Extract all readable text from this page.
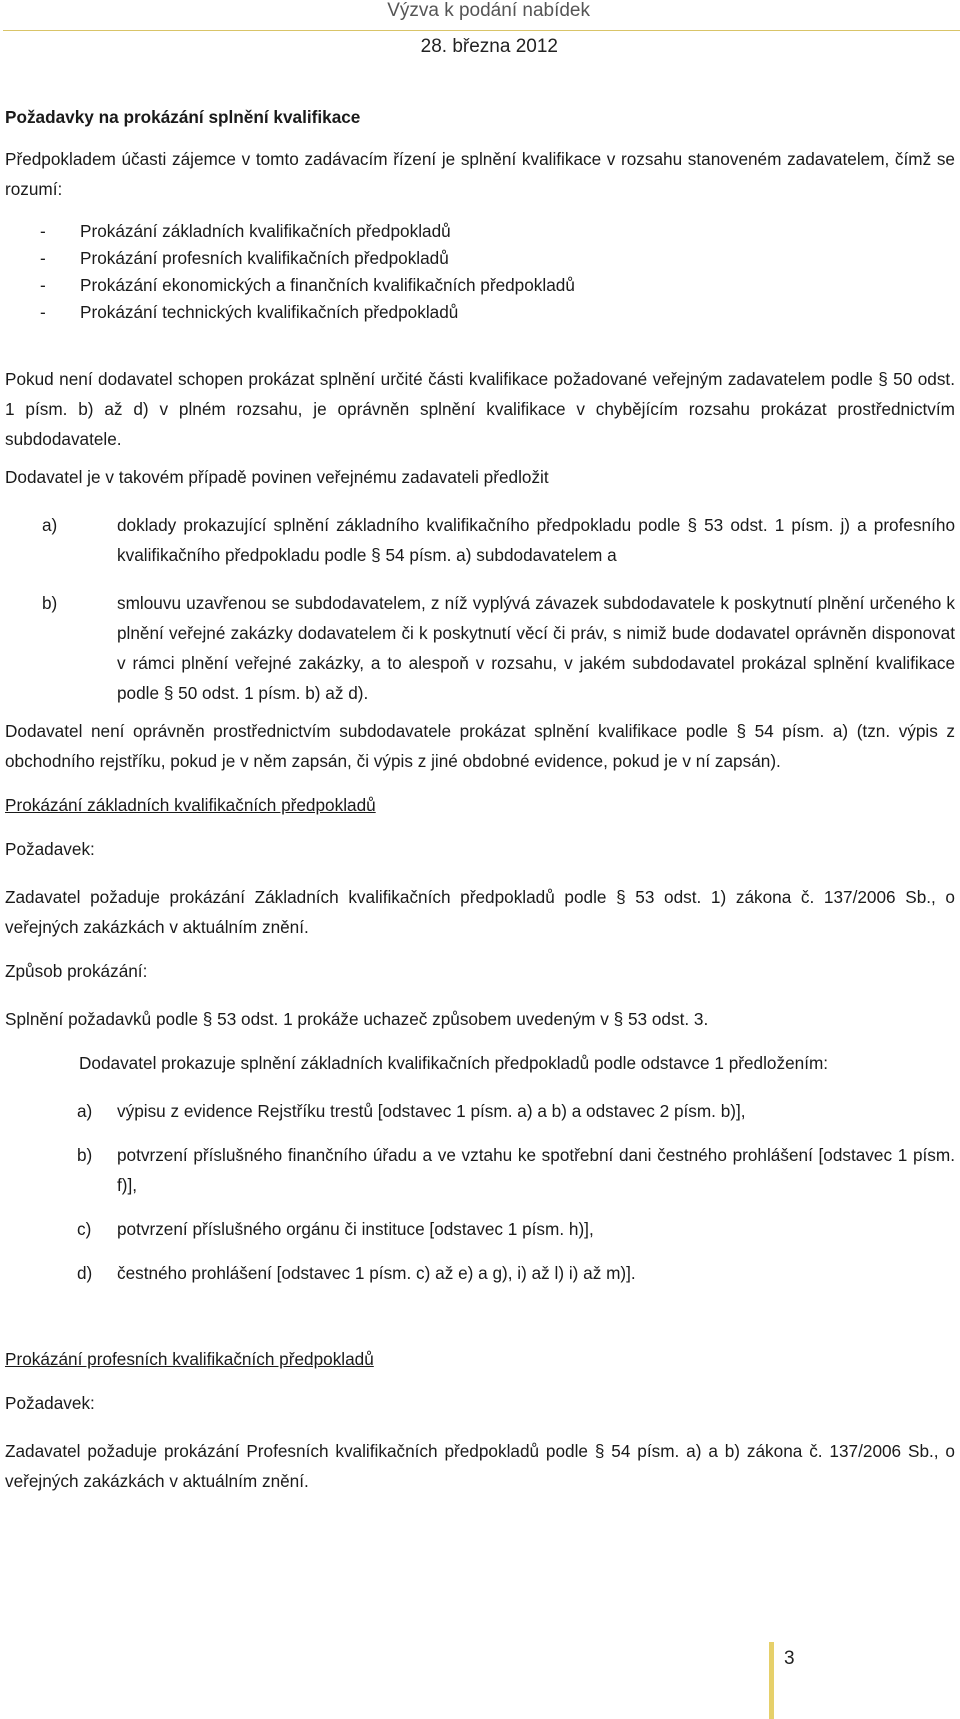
Výzva k podání nabídek
28. března 2012

Požadavky na prokázání splnění kvalifikace

Předpokladem účasti zájemce v tomto zadávacím řízení je splnění kvalifikace v rozsahu stanoveném zadavatelem, čímž se rozumí:

- Prokázání základních kvalifikačních předpokladů
- Prokázání profesních kvalifikačních předpokladů
- Prokázání ekonomických a finančních kvalifikačních předpokladů
- Prokázání technických kvalifikačních předpokladů

Pokud není dodavatel schopen prokázat splnění určité části kvalifikace požadované veřejným zadavatelem podle § 50 odst. 1 písm. b) až d) v plném rozsahu, je oprávněn splnění kvalifikace v chybějícím rozsahu prokázat prostřednictvím subdodavatele.

Dodavatel je v takovém případě povinen veřejnému zadavateli předložit

a)	doklady prokazující splnění základního kvalifikačního předpokladu podle § 53 odst. 1 písm. j) a profesního kvalifikačního předpokladu podle § 54 písm. a) subdodavatelem a
b)	smlouvu uzavřenou se subdodavatelem, z níž vyplývá závazek subdodavatele k poskytnutí plnění určeného k plnění veřejné zakázky dodavatelem či k poskytnutí věcí či práv, s nimiž bude dodavatel oprávněn disponovat v rámci plnění veřejné zakázky, a to alespoň v rozsahu, v jakém subdodavatel prokázal splnění kvalifikace podle § 50 odst. 1 písm. b) až d).

Dodavatel není oprávněn prostřednictvím subdodavatele prokázat splnění kvalifikace podle § 54 písm. a) (tzn. výpis z obchodního rejstříku, pokud je v něm zapsán, či výpis z jiné obdobné evidence, pokud je v ní zapsán).

Prokázání základních kvalifikačních předpokladů

Požadavek:

Zadavatel požaduje prokázání Základních kvalifikačních předpokladů podle § 53 odst. 1) zákona č. 137/2006 Sb., o veřejných zakázkách v aktuálním znění.

Způsob prokázání:

Splnění požadavků podle § 53 odst. 1 prokáže uchazeč způsobem uvedeným v § 53 odst. 3.

Dodavatel prokazuje splnění základních kvalifikačních předpokladů podle odstavce 1 předložením:

a) výpisu z evidence Rejstříku trestů [odstavec 1 písm. a) a b) a odstavec 2 písm. b)],
b) potvrzení příslušného finančního úřadu a ve vztahu ke spotřební dani čestného prohlášení [odstavec 1 písm. f)],
c) potvrzení příslušného orgánu či instituce [odstavec 1 písm. h)],
d) čestného prohlášení [odstavec 1 písm. c) až e) a g), i) až l) i) až m)].

Prokázání profesních kvalifikačních předpokladů

Požadavek:

Zadavatel požaduje prokázání Profesních kvalifikačních předpokladů podle § 54 písm. a) a b) zákona č. 137/2006 Sb., o veřejných zakázkách v aktuálním znění.

3
